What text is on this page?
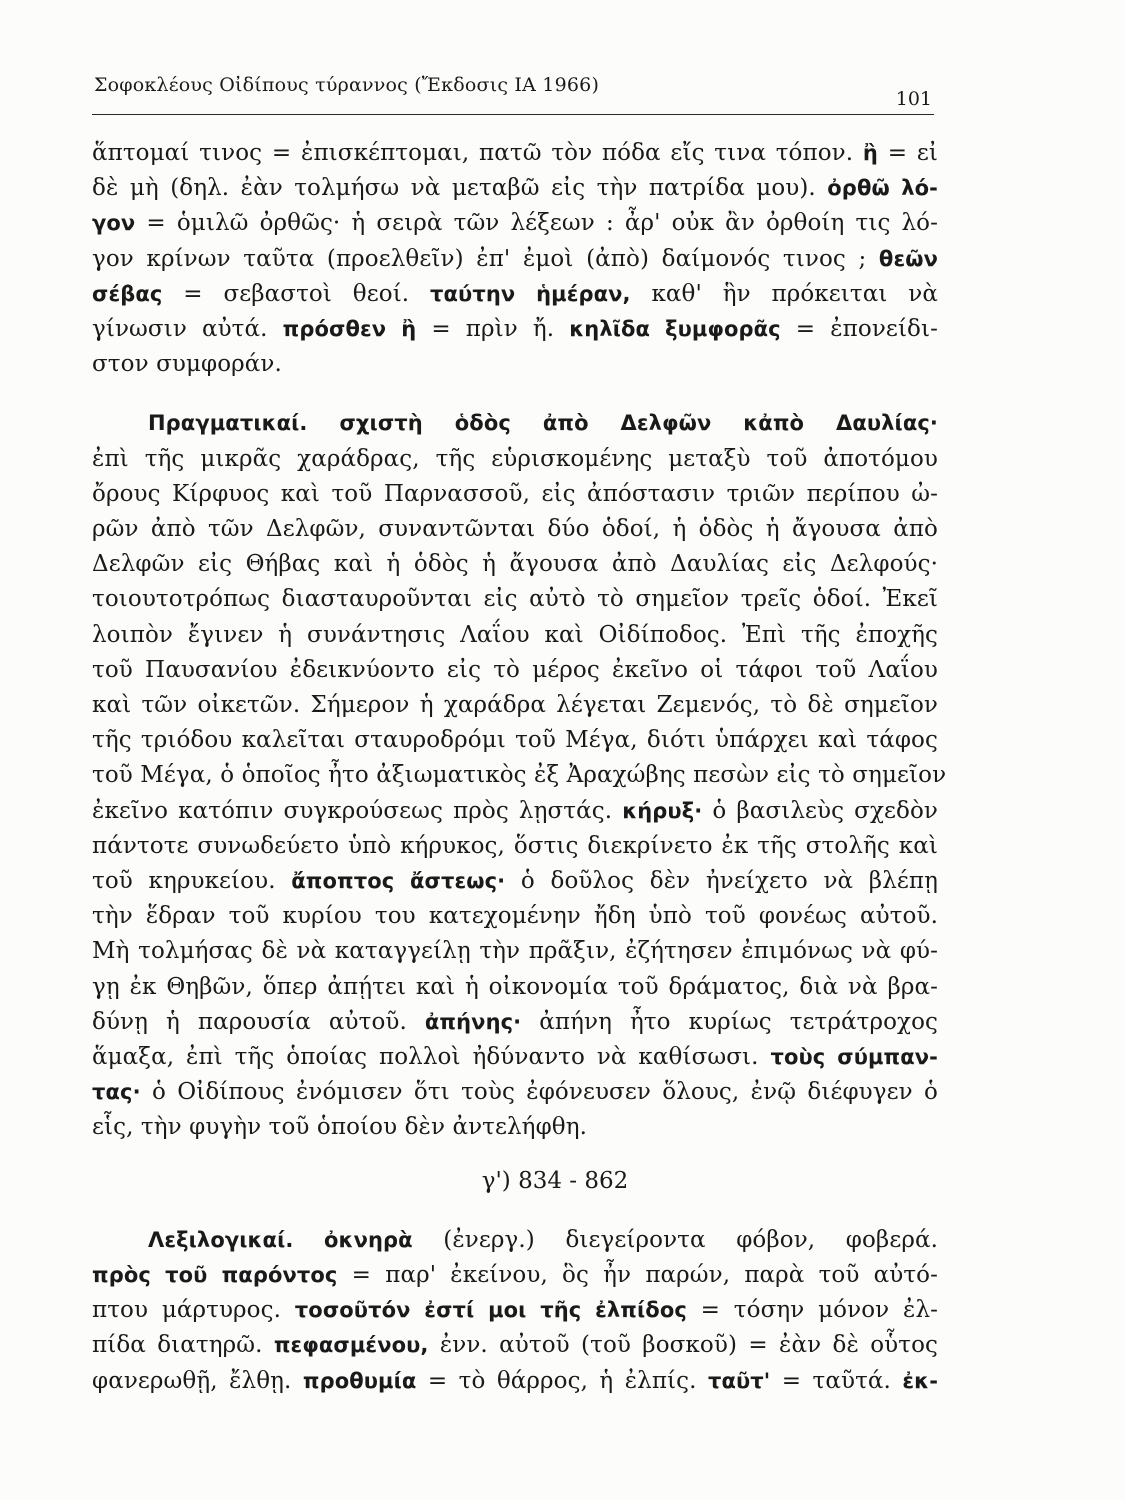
Σοφοκλέους Οἰδίπους τύραννος (Ἔκδοσις ΙΑ 1966)
101
ἅπτομαί τινος = ἐπισκέπτομαι, πατῶ τὸν πόδα εἴς τινα τόπον. ἢ = εἰ
δὲ μὴ (δηλ. ἐὰν τολμήσω νὰ μεταβῶ εἰς τὴν πατρίδα μου). ὀρθῶ λό-
γον = ὁμιλῶ ὀρθῶς· ἡ σειρὰ τῶν λέξεων : ἆρ' οὐκ ἂν ὀρθοίη τις λό-
γον κρίνων ταῦτα (προελθεῖν) ἐπ' ἐμοὶ (ἀπὸ) δαίμονός τινος ; θεῶν
σέβας = σεβαστοὶ θεοί. ταύτην ἡμέραν, καθ' ἣν πρόκειται νὰ
γίνωσιν αὐτά. πρόσθεν ἢ = πρὶν ἤ. κηλῖδα ξυμφορᾶς = ἐπονείδι-
στον συμφοράν.
Πραγματικαί. σχιστὴ ὁδὸς ἀπὸ Δελφῶν κἀπὸ Δαυλίας·
ἐπὶ τῆς μικρᾶς χαράδρας, τῆς εὑρισκομένης μεταξὺ τοῦ ἀποτόμου
ὄρους Κίρφυος καὶ τοῦ Παρνασσοῦ, εἰς ἀπόστασιν τριῶν περίπου ὠ-
ρῶν ἀπὸ τῶν Δελφῶν, συναντῶνται δύο ὁδοί, ἡ ὁδὸς ἡ ἄγουσα ἀπὸ
Δελφῶν εἰς Θήβας καὶ ἡ ὁδὸς ἡ ἄγουσα ἀπὸ Δαυλίας εἰς Δελφούς·
τοιουτοτρόπως διασταυροῦνται εἰς αὐτὸ τὸ σημεῖον τρεῖς ὁδοί. Ἐκεῖ
λοιπὸν ἔγινεν ἡ συνάντησις Λαΐου καὶ Οἰδίποδος. Ἐπὶ τῆς ἐποχῆς
τοῦ Παυσανίου ἐδεικνύοντο εἰς τὸ μέρος ἐκεῖνο οἱ τάφοι τοῦ Λαΐου
καὶ τῶν οἰκετῶν. Σήμερον ἡ χαράδρα λέγεται Ζεμενός, τὸ δὲ σημεῖον
τῆς τριόδου καλεῖται σταυροδρόμι τοῦ Μέγα, διότι ὑπάρχει καὶ τάφος
τοῦ Μέγα, ὁ ὁποῖος ἦτο ἀξιωματικὸς ἐξ Ἀραχώβης πεσὼν εἰς τὸ σημεῖον
ἐκεῖνο κατόπιν συγκρούσεως πρὸς λῃστάς. κήρυξ· ὁ βασιλεὺς σχεδὸν
πάντοτε συνωδεύετο ὑπὸ κήρυκος, ὅστις διεκρίνετο ἐκ τῆς στολῆς καὶ
τοῦ κηρυκείου. ἄποπτος ἄστεως· ὁ δοῦλος δὲν ἠνείχετο νὰ βλέπῃ
τὴν ἕδραν τοῦ κυρίου του κατεχομένην ἤδη ὑπὸ τοῦ φονέως αὐτοῦ.
Μὴ τολμήσας δὲ νὰ καταγγείλῃ τὴν πρᾶξιν, ἐζήτησεν ἐπιμόνως νὰ φύ-
γῃ ἐκ Θηβῶν, ὅπερ ἀπῄτει καὶ ἡ οἰκονομία τοῦ δράματος, διὰ νὰ βρα-
δύνῃ ἡ παρουσία αὐτοῦ. ἀπήνης· ἀπήνη ἦτο κυρίως τετράτροχος
ἅμαξα, ἐπὶ τῆς ὁποίας πολλοὶ ἠδύναντο νὰ καθίσωσι. τοὺς σύμπαν-
τας· ὁ Οἰδίπους ἐνόμισεν ὅτι τοὺς ἐφόνευσεν ὅλους, ἐνῷ διέφυγεν ὁ
εἷς, τὴν φυγὴν τοῦ ὁποίου δὲν ἀντελήφθη.
γ') 834 - 862
Λεξιλογικαί. ὀκνηρὰ (ἐνεργ.) διεγείροντα φόβον, φοβερά.
πρὸς τοῦ παρόντος = παρ' ἐκείνου, ὃς ἦν παρών, παρὰ τοῦ αὐτό-
πτου μάρτυρος. τοσοῦτόν ἐστί μοι τῆς ἐλπίδος = τόσην μόνον ἐλ-
πίδα διατηρῶ. πεφασμένου, ἐνν. αὐτοῦ (τοῦ βοσκοῦ) = ἐὰν δὲ οὗτος
φανερωθῇ, ἔλθῃ. προθυμία = τὸ θάρρος, ἡ ἐλπίς. ταῦτ' = ταῦτά. ἐκ-
